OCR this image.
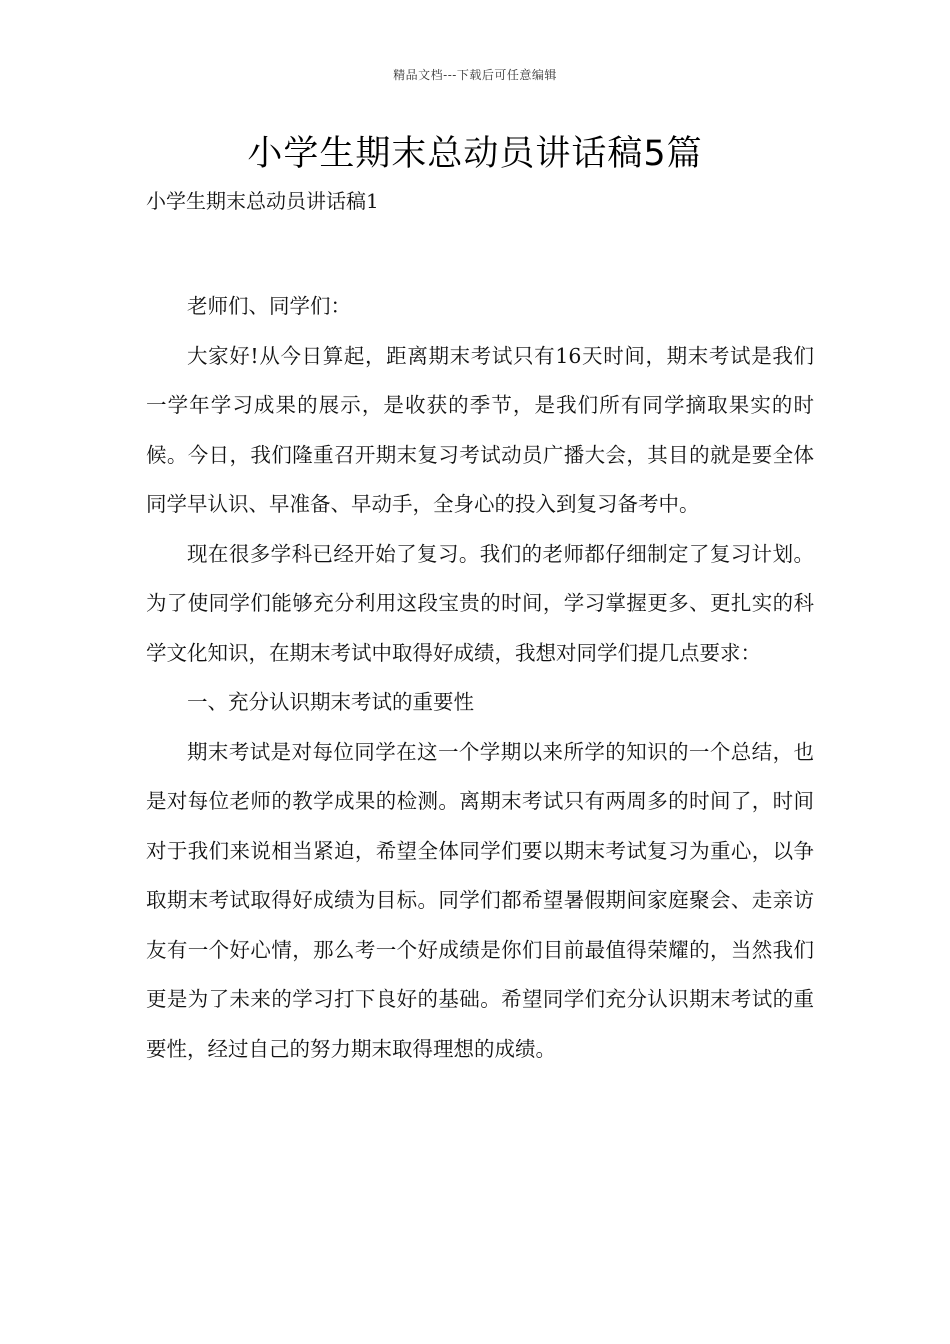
精品文档---下载后可任意编辑
小学生期末总动员讲话稿5篇
小学生期末总动员讲话稿1

老师们、同学们：

大家好!从今日算起，距离期末考试只有16天时间，期末考试是我们一学年学习成果的展示，是收获的季节，是我们所有同学摘取果实的时候。今日，我们隆重召开期末复习考试动员广播大会，其目的就是要全体同学早认识、早准备、早动手，全身心的投入到复习备考中。

现在很多学科已经开始了复习。我们的老师都仔细制定了复习计划。为了使同学们能够充分利用这段宝贵的时间，学习掌握更多、更扎实的科学文化知识，在期末考试中取得好成绩，我想对同学们提几点要求：

一、充分认识期末考试的重要性

期末考试是对每位同学在这一个学期以来所学的知识的一个总结，也是对每位老师的教学成果的检测。离期末考试只有两周多的时间了，时间对于我们来说相当紧迫，希望全体同学们要以期末考试复习为重心，以争取期末考试取得好成绩为目标。同学们都希望暑假期间家庭聚会、走亲访友有一个好心情，那么考一个好成绩是你们目前最值得荣耀的，当然我们更是为了未来的学习打下良好的基础。希望同学们充分认识期末考试的重要性，经过自己的努力期末取得理想的成绩。
